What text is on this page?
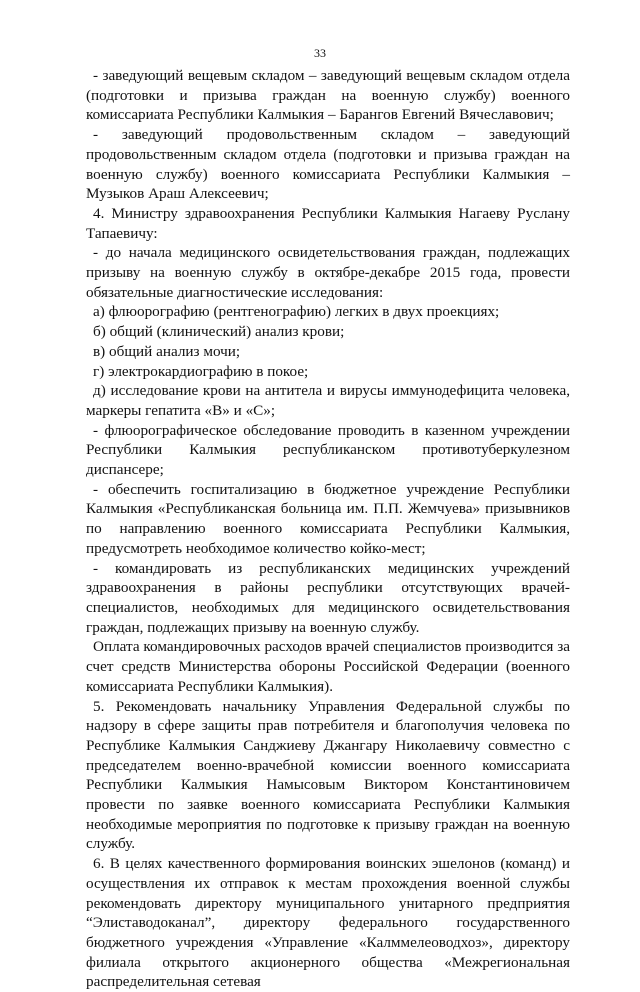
33

- заведующий вещевым складом – заведующий вещевым складом отдела (подготовки и призыва граждан на военную службу) военного комиссариата Республики Калмыкия – Барангов Евгений Вячеславович;

- заведующий продовольственным складом – заведующий продовольственным складом отдела (подготовки и призыва граждан на военную службу) военного комиссариата Республики Калмыкия – Музыков Араш Алексеевич;

4. Министру здравоохранения Республики Калмыкия Нагаеву Руслану Тапаевичу:

- до начала медицинского освидетельствования граждан, подлежащих призыву на военную службу в октябре-декабре 2015 года, провести обязательные диагностические исследования:

а) флюорографию (рентгенографию) легких в двух проекциях;

б) общий (клинический) анализ крови;

в) общий анализ мочи;

г) электрокардиографию в покое;

д) исследование крови на антитела и вирусы иммунодефицита человека, маркеры гепатита «В» и «С»;

- флюорографическое обследование проводить в казенном учреждении Республики Калмыкия республиканском противотуберкулезном диспансере;

- обеспечить госпитализацию в бюджетное учреждение Республики Калмыкия «Республиканская больница им. П.П. Жемчуева» призывников по направлению военного комиссариата Республики Калмыкия, предусмотреть необходимое количество койко-мест;

- командировать из республиканских медицинских учреждений здравоохранения в районы республики отсутствующих врачей-специалистов, необходимых для медицинского освидетельствования граждан, подлежащих призыву на военную службу.

Оплата командировочных расходов врачей специалистов производится за счет средств Министерства обороны Российской Федерации (военного комиссариата Республики Калмыкия).

5. Рекомендовать начальнику Управления Федеральной службы по надзору в сфере защиты прав потребителя и благополучия человека по Республике Калмыкия Санджиеву Джангару Николаевичу совместно с председателем военно-врачебной комиссии военного комиссариата Республики Калмыкия Намысовым Виктором Константиновичем провести по заявке военного комиссариата Республики Калмыкия необходимые мероприятия по подготовке к призыву граждан на военную службу.

6. В целях качественного формирования воинских эшелонов (команд) и осуществления их отправок к местам прохождения военной службы рекомендовать директору муниципального унитарного предприятия “Элиставодоканал”, директору федерального государственного бюджетного учреждения «Управление «Калммелеоводхоз», директору филиала открытого акционерного общества «Межрегиональная распределительная сетевая
